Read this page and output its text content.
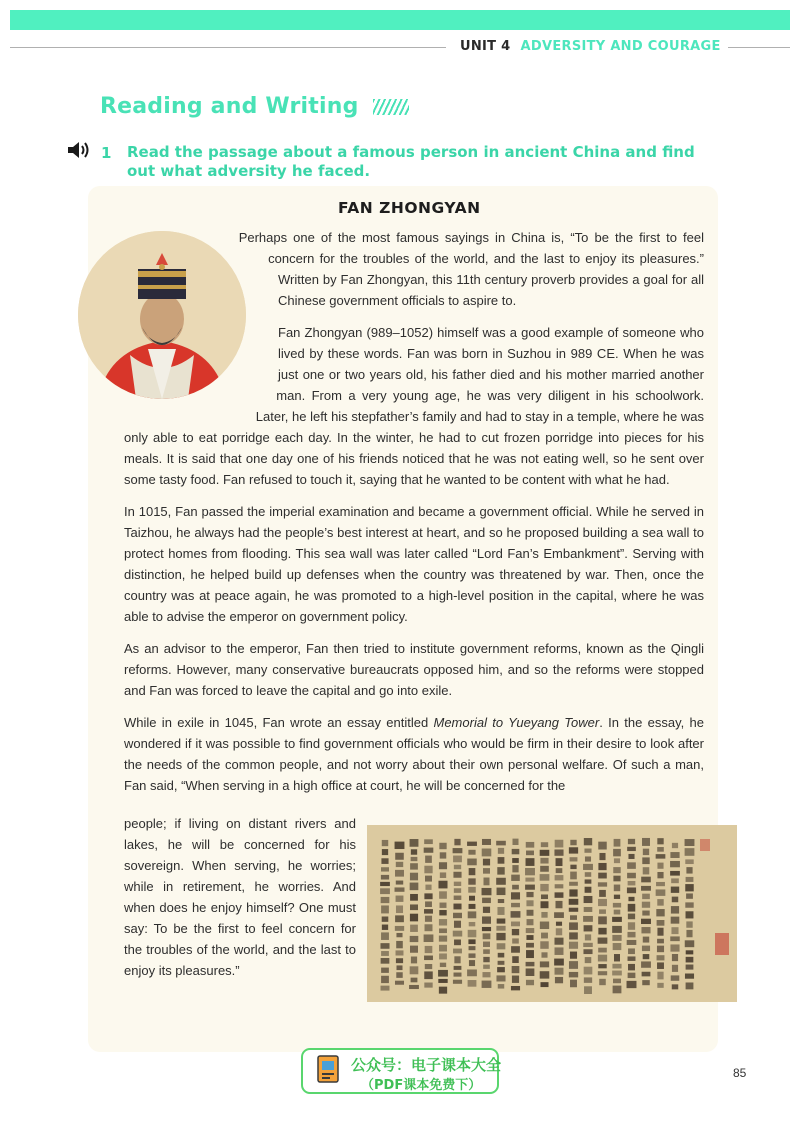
UNIT 4 ADVERSITY AND COURAGE
Reading and Writing
1 Read the passage about a famous person in ancient China and find out what adversity he faced.
FAN ZHONGYAN

Perhaps one of the most famous sayings in China is, “To be the first to feel concern for the troubles of the world, and the last to enjoy its pleasures.” Written by Fan Zhongyan, this 11th century proverb provides a goal for all Chinese government officials to aspire to.

Fan Zhongyan (989–1052) himself was a good example of someone who lived by these words. Fan was born in Suzhou in 989 CE. When he was just one or two years old, his father died and his mother married another man. From a very young age, he was very diligent in his schoolwork. Later, he left his stepfather’s family and had to stay in a temple, where he was only able to eat porridge each day. In the winter, he had to cut frozen porridge into pieces for his meals. It is said that one day one of his friends noticed that he was not eating well, so he sent over some tasty food. Fan refused to touch it, saying that he wanted to be content with what he had.

In 1015, Fan passed the imperial examination and became a government official. While he served in Taizhou, he always had the people’s best interest at heart, and so he proposed building a sea wall to protect homes from flooding. This sea wall was later called “Lord Fan’s Embankment”. Serving with distinction, he helped build up defenses when the country was threatened by war. Then, once the country was at peace again, he was promoted to a high-level position in the capital, where he was able to advise the emperor on government policy.

As an advisor to the emperor, Fan then tried to institute government reforms, known as the Qingli reforms. However, many conservative bureaucrats opposed him, and so the reforms were stopped and Fan was forced to leave the capital and go into exile.

While in exile in 1045, Fan wrote an essay entitled Memorial to Yueyang Tower. In the essay, he wondered if it was possible to find government officials who would be firm in their desire to look after the needs of the common people, and not worry about their own personal welfare. Of such a man, Fan said, “When serving in a high office at court, he will be concerned for the

people; if living on distant rivers and lakes, he will be concerned for his sovereign. When serving, he worries; while in retirement, he worries. And when does he enjoy himself? One must say: To be the first to feel concern for the troubles of the world, and the last to enjoy its pleasures.”
85
公众号：电子课本大全
（PDF课本免费下）
